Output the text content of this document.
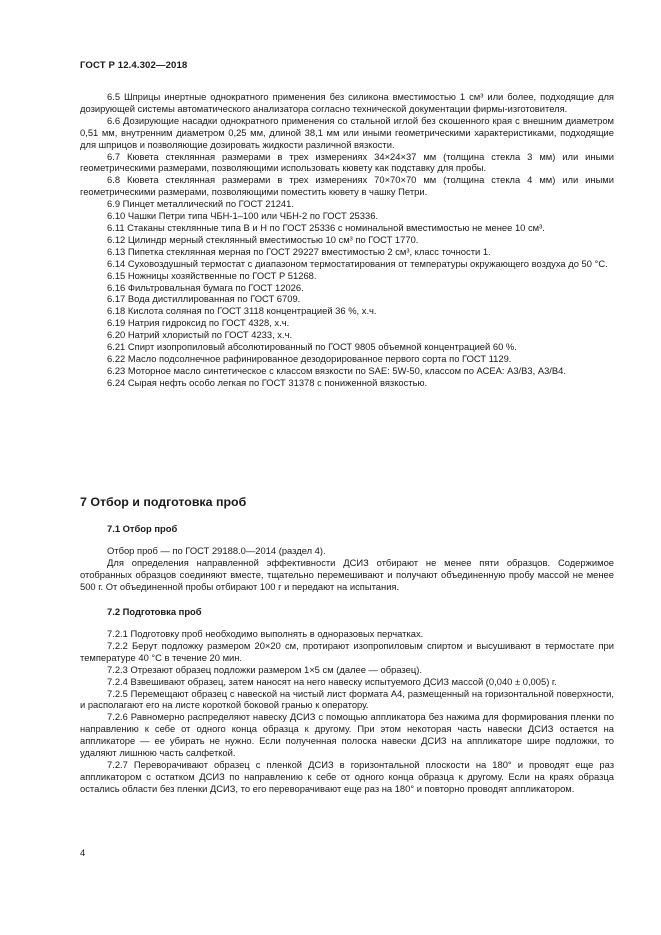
ГОСТ Р 12.4.302—2018

6.5 Шприцы инертные однократного применения без силикона вместимостью 1 см³ или более, подходящие для дозирующей системы автоматического анализатора согласно технической документации фирмы-изготовителя.

6.6 Дозирующие насадки однократного применения со стальной иглой без скошенного края с внешним диаметром 0,51 мм, внутренним диаметром 0,25 мм, длиной 38,1 мм или иными геометрическими характеристиками, подходящие для шприцов и позволяющие дозировать жидкости различной вязкости.

6.7 Кювета стеклянная размерами в трех измерениях 34×24×37 мм (толщина стекла 3 мм) или иными геометрическими размерами, позволяющими использовать кювету как подставку для пробы.

6.8 Кювета стеклянная размерами в трех измерениях 70×70×70 мм (толщина стекла 4 мм) или иными геометрическими размерами, позволяющими поместить кювету в чашку Петри.

6.9 Пинцет металлический по ГОСТ 21241.

6.10 Чашки Петри типа ЧБН-1–100 или ЧБН-2 по ГОСТ 25336.

6.11 Стаканы стеклянные типа В и Н по ГОСТ 25336 с номинальной вместимостью не менее 10 см³.

6.12 Цилиндр мерный стеклянный вместимостью 10 см³ по ГОСТ 1770.

6.13 Пипетка стеклянная мерная по ГОСТ 29227 вместимостью 2 см³, класс точности 1.

6.14 Суховоздушный термостат с диапазоном термостатирования от температуры окружающего воздуха до 50 °С.

6.15 Ножницы хозяйственные по ГОСТ Р 51268.

6.16 Фильтровальная бумага по ГОСТ 12026.

6.17 Вода дистиллированная по ГОСТ 6709.

6.18 Кислота соляная по ГОСТ 3118 концентрацией 36 %, х.ч.

6.19 Натрия гидроксид по ГОСТ 4328, х.ч.

6.20 Натрий хлористый по ГОСТ 4233, х.ч.

6.21 Спирт изопропиловый абсолютированный по ГОСТ 9805 объемной концентрацией 60 %.

6.22 Масло подсолнечное рафинированное дезодорированное первого сорта по ГОСТ 1129.

6.23 Моторное масло синтетическое с классом вязкости по SAE: 5W-50, классом по АСЕА: А3/В3, А3/В4.

6.24 Сырая нефть особо легкая по ГОСТ 31378 с пониженной вязкостью.

7 Отбор и подготовка проб
7.1 Отбор проб

Отбор проб — по ГОСТ 29188.0—2014 (раздел 4).

Для определения направленной эффективности ДСИЗ отбирают не менее пяти образцов. Содержимое отобранных образцов соединяют вместе, тщательно перемешивают и получают объединенную пробу массой не менее 500 г. От объединенной пробы отбирают 100 г и передают на испытания.

7.2 Подготовка проб

7.2.1 Подготовку проб необходимо выполнять в одноразовых перчатках.

7.2.2 Берут подложку размером 20×20 см, протирают изопропиловым спиртом и высушивают в термостате при температуре 40 °С в течение 20 мин.

7.2.3 Отрезают образец подложки размером 1×5 см (далее — образец).

7.2.4 Взвешивают образец, затем наносят на него навеску испытуемого ДСИЗ массой (0,040 ± 0,005) г.

7.2.5 Перемещают образец с навеской на чистый лист формата А4, размещенный на горизонтальной поверхности, и располагают его на листе короткой боковой гранью к оператору.

7.2.6 Равномерно распределяют навеску ДСИЗ с помощью аппликатора без нажима для формирования пленки по направлению к себе от одного конца образца к другому. При этом некоторая часть навески ДСИЗ остается на аппликаторе — ее убирать не нужно. Если полученная полоска навески ДСИЗ на аппликаторе шире подложки, то удаляют лишнюю часть салфеткой.

7.2.7 Переворачивают образец с пленкой ДСИЗ в горизонтальной плоскости на 180° и проводят еще раз аппликатором с остатком ДСИЗ по направлению к себе от одного конца образца к другому. Если на краях образца остались области без пленки ДСИЗ, то его переворачивают еще раз на 180° и повторно проводят аппликатором.

4
